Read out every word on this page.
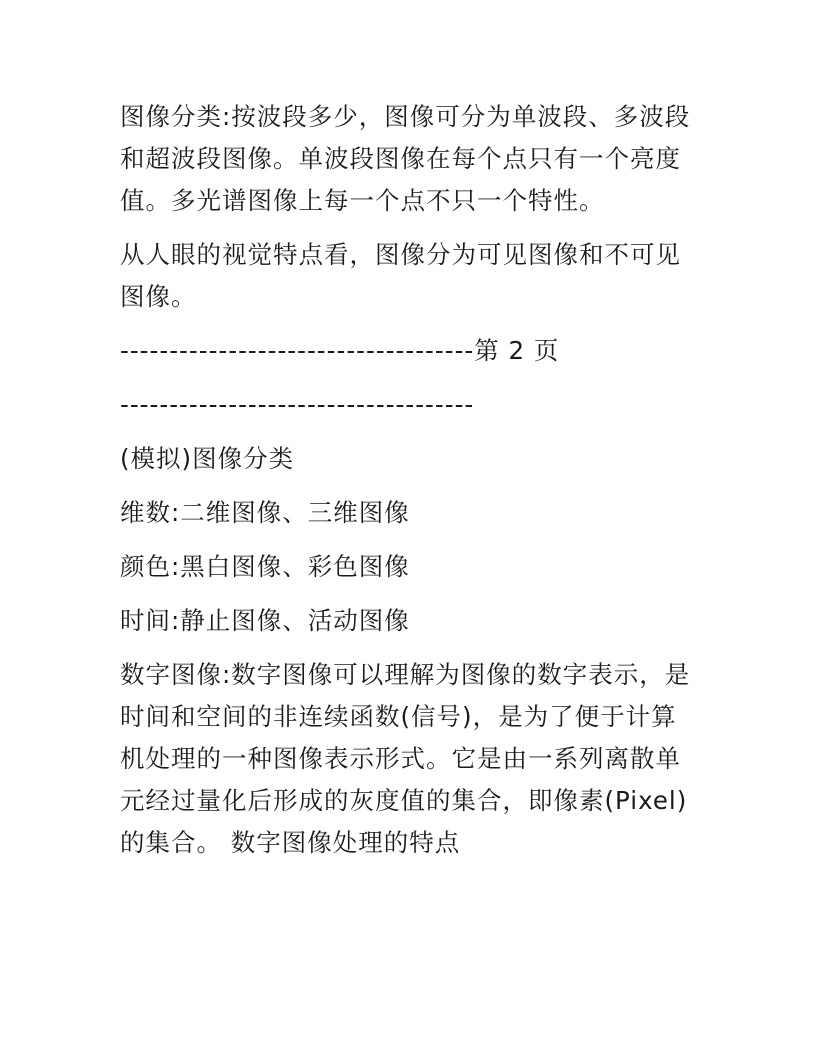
图像分类:按波段多少，图像可分为单波段、多波段和超波段图像。单波段图像在每个点只有一个亮度值。多光谱图像上每一个点不只一个特性。

从人眼的视觉特点看，图像分为可见图像和不可见图像。

------------------------------------第 2 页

------------------------------------

(模拟)图像分类

维数:二维图像、三维图像

颜色:黑白图像、彩色图像

时间:静止图像、活动图像

数字图像:数字图像可以理解为图像的数字表示，是时间和空间的非连续函数(信号)，是为了便于计算机处理的一种图像表示形式。它是由一系列离散单元经过量化后形成的灰度值的集合，即像素(Pixel)的集合。 数字图像处理的特点
